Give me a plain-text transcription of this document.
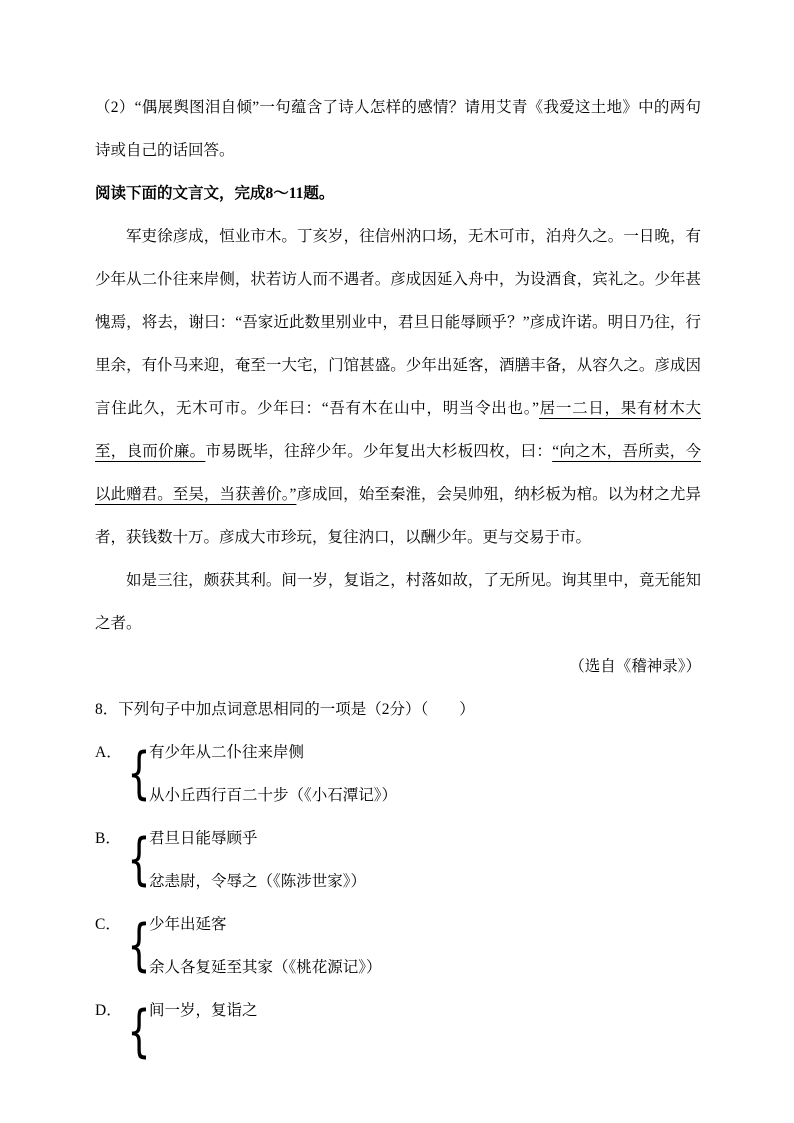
（2）“偶展舆图泪自倾”一句蕴含了诗人怎样的感情？请用艾青《我爱这土地》中的两句诗或自己的话回答。

阅读下面的文言文，完成8～11题。

军吏徐彦成，恒业市木。丁亥岁，往信州汭口场，无木可市，泊舟久之。一日晚，有少年从二仆往来岸侧，状若访人而不遇者。彦成因延入舟中，为设酒食，宾礼之。少年甚愧焉，将去，谢曰：“吾家近此数里别业中，君旦日能辱顾乎？”彦成许诺。明日乃往，行里余，有仆马来迎，奄至一大宅，门馆甚盛。少年出延客，酒膳丰备，从容久之。彦成因言住此久，无木可市。少年曰：“吾有木在山中，明当令出也。”居一二日，果有材木大至，良而价廉。市易既毕，往辞少年。少年复出大杉板四枚，曰：“向之木，吾所卖，今以此赠君。至吴，当获善价。”彦成回，始至秦淮，会吴帅殂，纳杉板为棺。以为材之尤异者，获钱数十万。彦成大市珍玩，复往汭口，以酬少年。更与交易于市。

如是三往，颇获其利。间一岁，复诣之，村落如故，了无所见。询其里中，竟无能知之者。

（选自《稽神录》）

8．下列句子中加点词意思相同的一项是（2分）（　　）

A． {
有少年从二仆往来岸侧
从小丘西行百二十步（《小石潭记》）
B． {
君旦日能辱顾乎
忿恚尉，令辱之（《陈涉世家》）
C． {
少年出延客
余人各复延至其家（《桃花源记》）
D． {
间一岁，复诣之
